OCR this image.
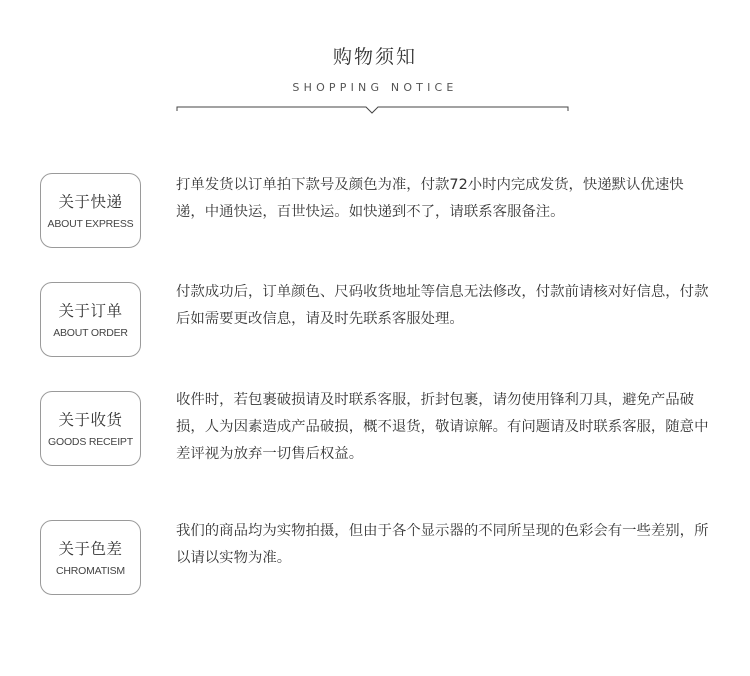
购物须知
SHOPPING NOTICE
关于快递
ABOUT EXPRESS

打单发货以订单拍下款号及颜色为准，付款72小时内完成发货，快递默认优速快递，中通快运，百世快运。如快递到不了，请联系客服备注。

关于订单
ABOUT ORDER

付款成功后，订单颜色、尺码收货地址等信息无法修改，付款前请核对好信息，付款后如需要更改信息，请及时先联系客服处理。

关于收货
GOODS RECEIPT

收件时，若包裹破损请及时联系客服，折封包裹，请勿使用锋利刀具，避免产品破损，人为因素造成产品破损，概不退货，敬请谅解。有问题请及时联系客服，随意中差评视为放弃一切售后权益。

关于色差
CHROMATISM

我们的商品均为实物拍摄，但由于各个显示器的不同所呈现的色彩会有一些差别，所以请以实物为准。
